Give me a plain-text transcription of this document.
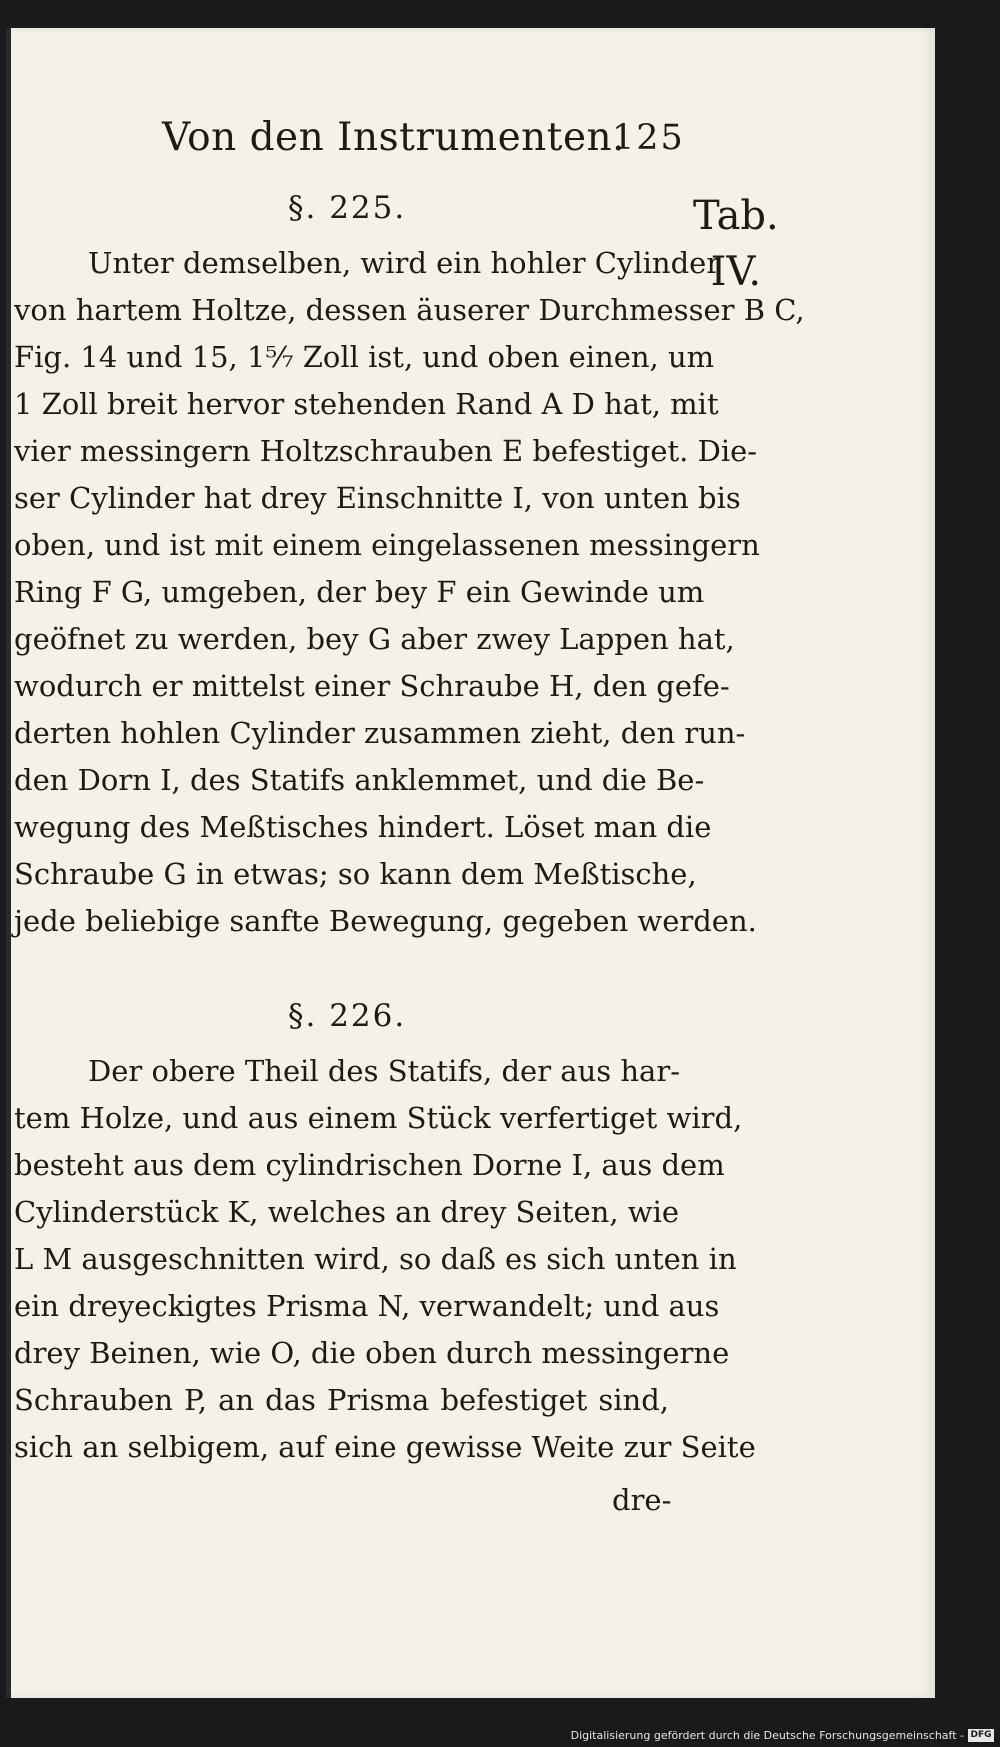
Von den Instrumenten.
125
Tab.
IV.
§. 225.
Unter demselben, wird ein hohler Cylinder
von hartem Holtze, dessen äuserer Durchmesser B C,
Fig. 14 und 15, 1⁵⁄₇ Zoll ist, und oben einen, um
1 Zoll breit hervor stehenden Rand A D hat, mit
vier messingern Holtzschrauben E befestiget. Die-
ser Cylinder hat drey Einschnitte I, von unten bis
oben, und ist mit einem eingelassenen messingern
Ring F G, umgeben, der bey F ein Gewinde um
geöfnet zu werden, bey G aber zwey Lappen hat,
wodurch er mittelst einer Schraube H, den gefe-
derten hohlen Cylinder zusammen zieht, den run-
den Dorn I, des Statifs anklemmet, und die Be-
wegung des Meßtisches hindert. Löset man die
Schraube G in etwas; so kann dem Meßtische,
jede beliebige sanfte Bewegung, gegeben werden.
§. 226.
Der obere Theil des Statifs, der aus har-
tem Holze, und aus einem Stück verfertiget wird,
besteht aus dem cylindrischen Dorne I, aus dem
Cylinderstück K, welches an drey Seiten, wie
L M ausgeschnitten wird, so daß es sich unten in
ein dreyeckigtes Prisma N, verwandelt; und aus
drey Beinen, wie O, die oben durch messingerne
Schrauben P, an das Prisma befestiget sind,
sich an selbigem, auf eine gewisse Weite zur Seite
dre-
Digitalisierung gefördert durch die Deutsche Forschungsgemeinschaft - DFG
